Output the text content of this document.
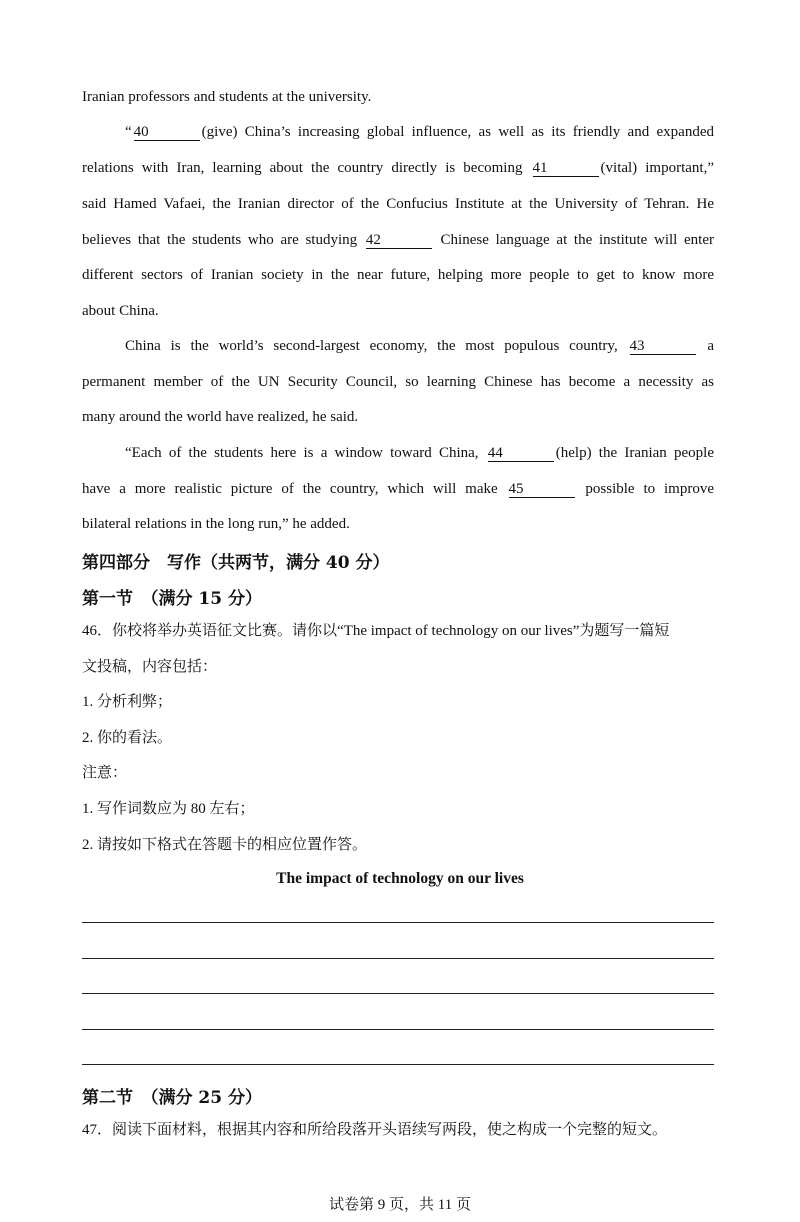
Iranian professors and students at the university.
“ 40	(give) China’s increasing global influence, as well as its friendly and expanded
relations with Iran, learning about the country directly is becoming 41	(vital) important,”
said Hamed Vafaei, the Iranian director of the Confucius Institute at the University of Tehran. He
believes that the students who are studying 42	Chinese language at the institute will enter
different sectors of Iranian society in the near future, helping more people to get to know more
about China.
China is the world’s second-largest economy, the most populous country, 43	a
permanent member of the UN Security Council, so learning Chinese has become a necessity as
many around the world have realized, he said.
“Each of the students here is a window toward China, 44	(help) the Iranian people
have a more realistic picture of the country, which will make 45	possible to improve
bilateral relations in the long run,” he added.
第四部分　写作（共两节，满分 40 分）
第一节　（满分 15 分）
46．你校将举办英语征文比赛。请你以“The impact of technology on our lives”为题写一篇短
文投稿，内容包括：
1. 分析利弊；
2. 你的看法。
注意：
1. 写作词数应为 80 左右；
2. 请按如下格式在答题卡的相应位置作答。
The impact of technology on our lives
第二节　（满分 25 分）
47．阅读下面材料，根据其内容和所给段落开头语续写两段，使之构成一个完整的短文。
试卷第 9 页，共 11 页
